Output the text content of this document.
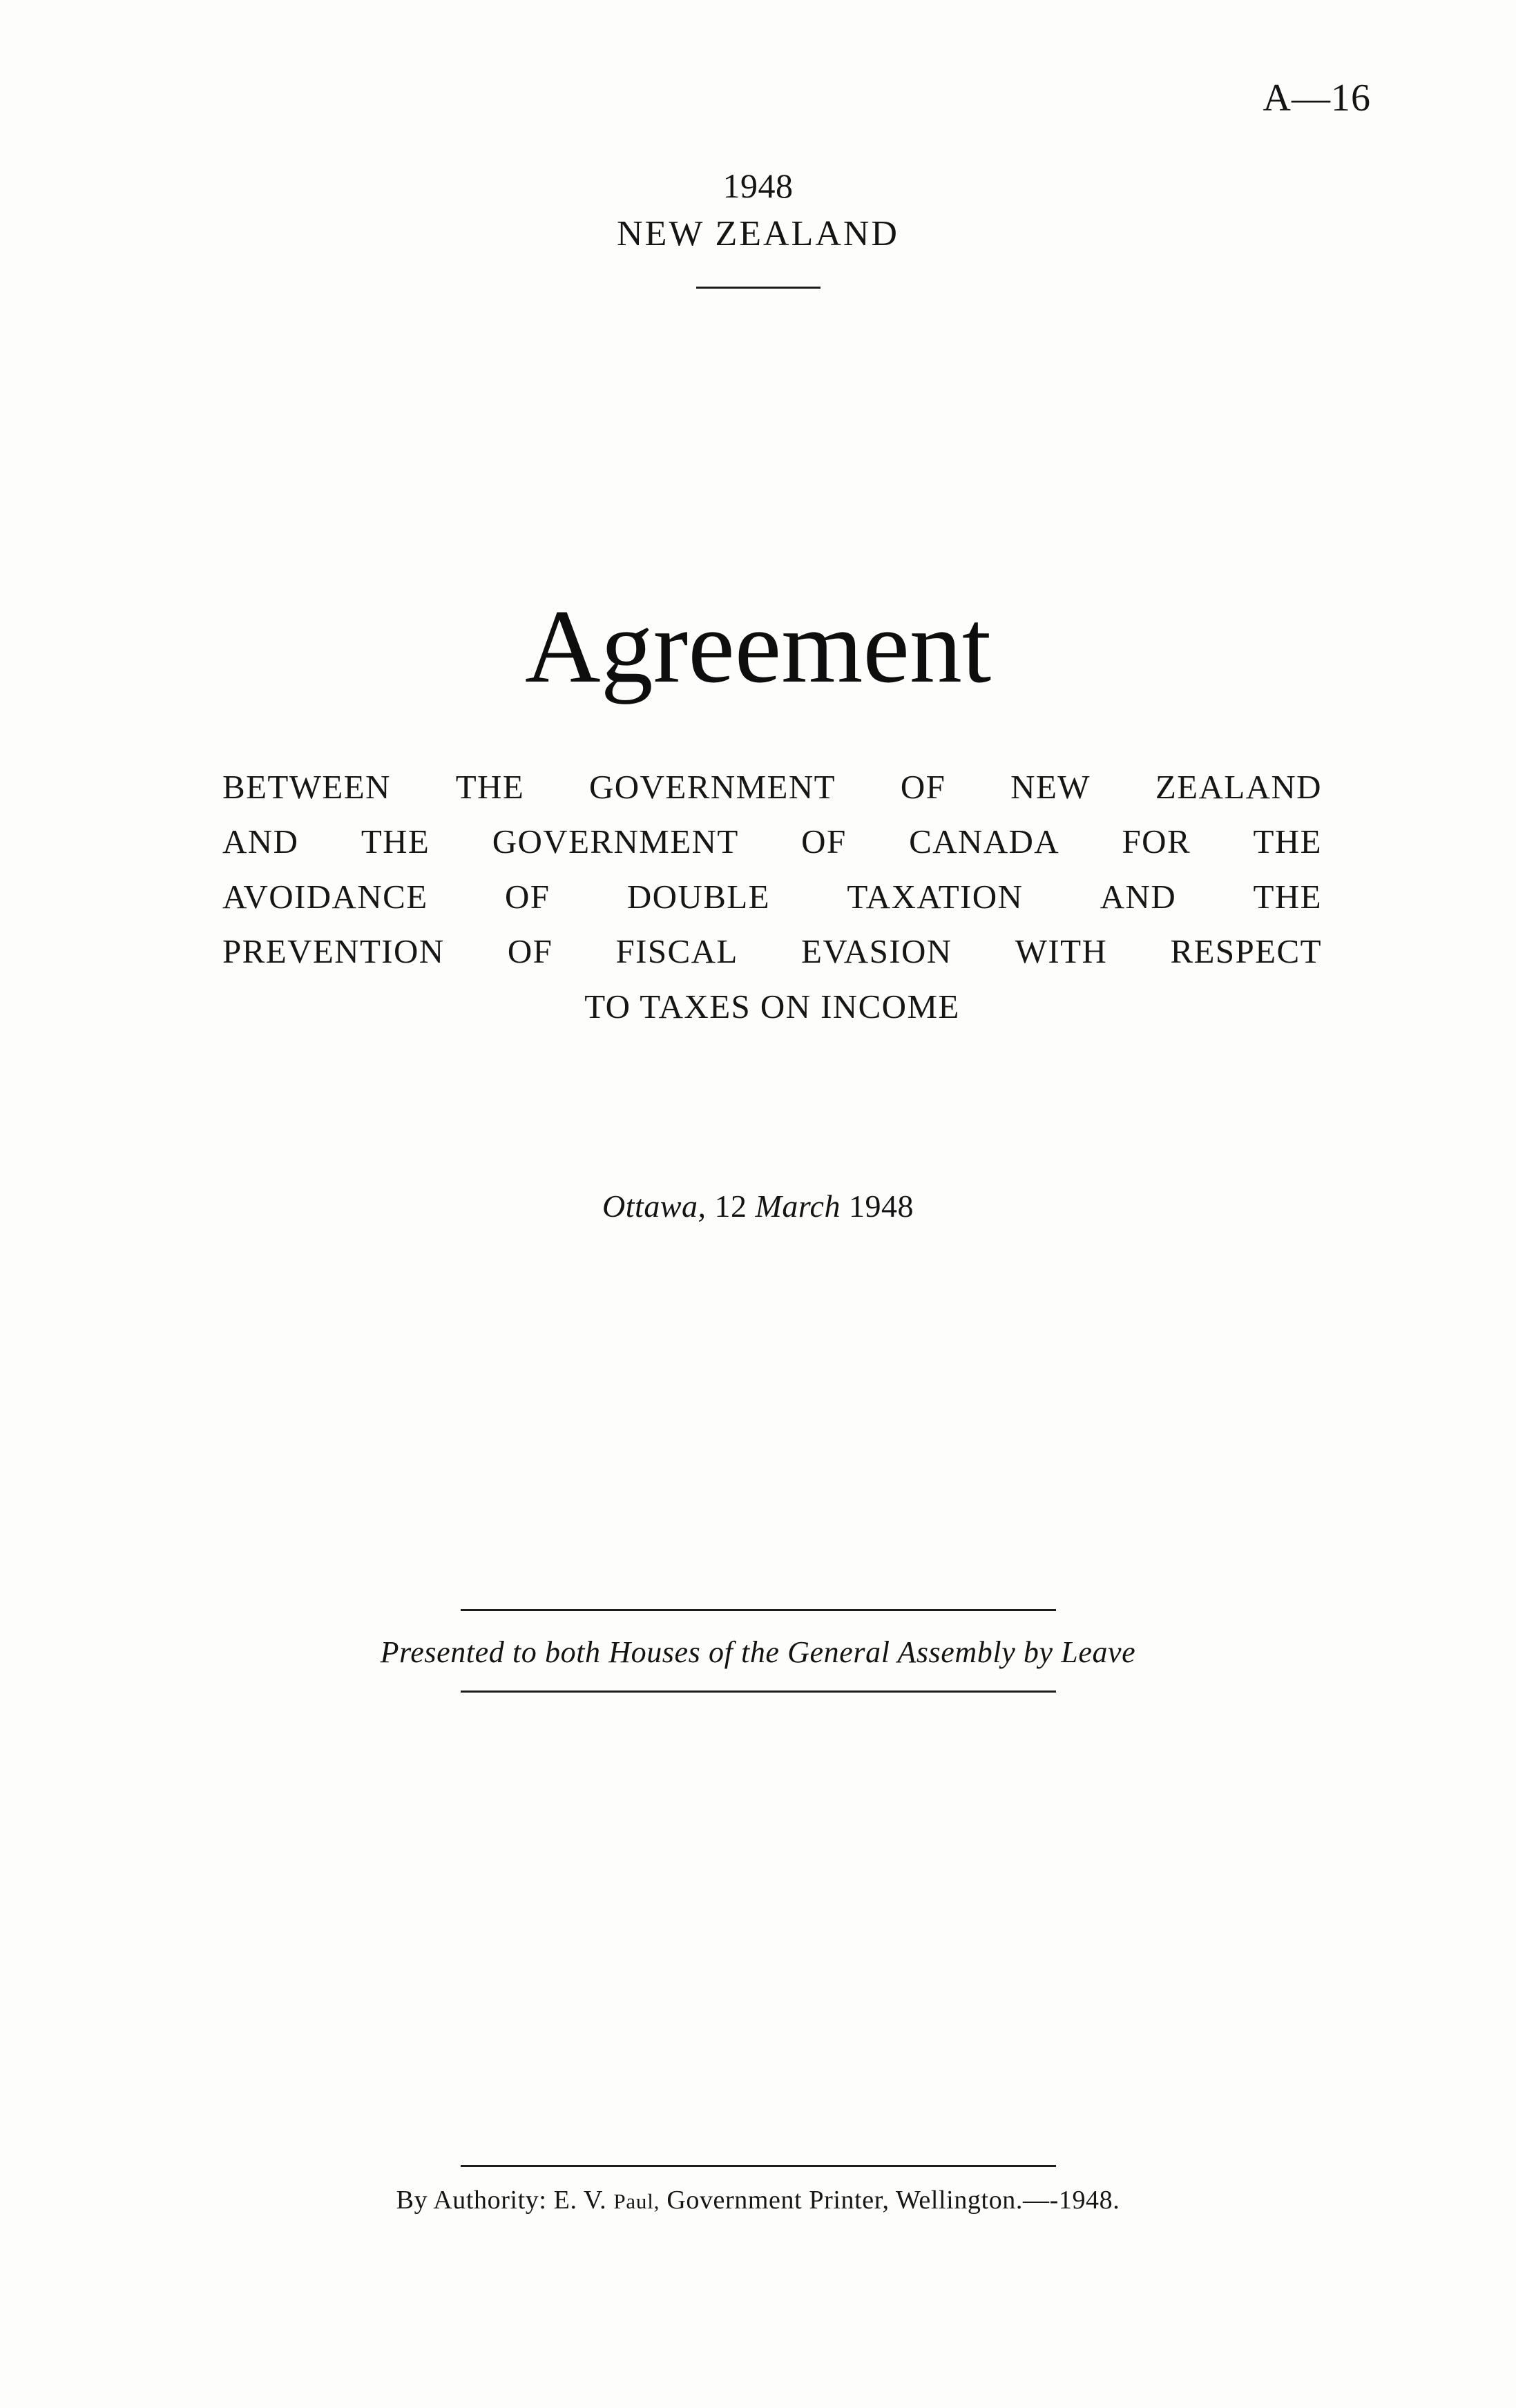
A—16
1948
NEW ZEALAND
Agreement
BETWEEN THE GOVERNMENT OF NEW ZEALAND
AND THE GOVERNMENT OF CANADA FOR THE
AVOIDANCE OF DOUBLE TAXATION AND THE
PREVENTION OF FISCAL EVASION WITH RESPECT
TO TAXES ON INCOME
Ottawa, 12 March 1948
Presented to both Houses of the General Assembly by Leave
By Authority: E. V. Paul, Government Printer, Wellington.—-1948.
